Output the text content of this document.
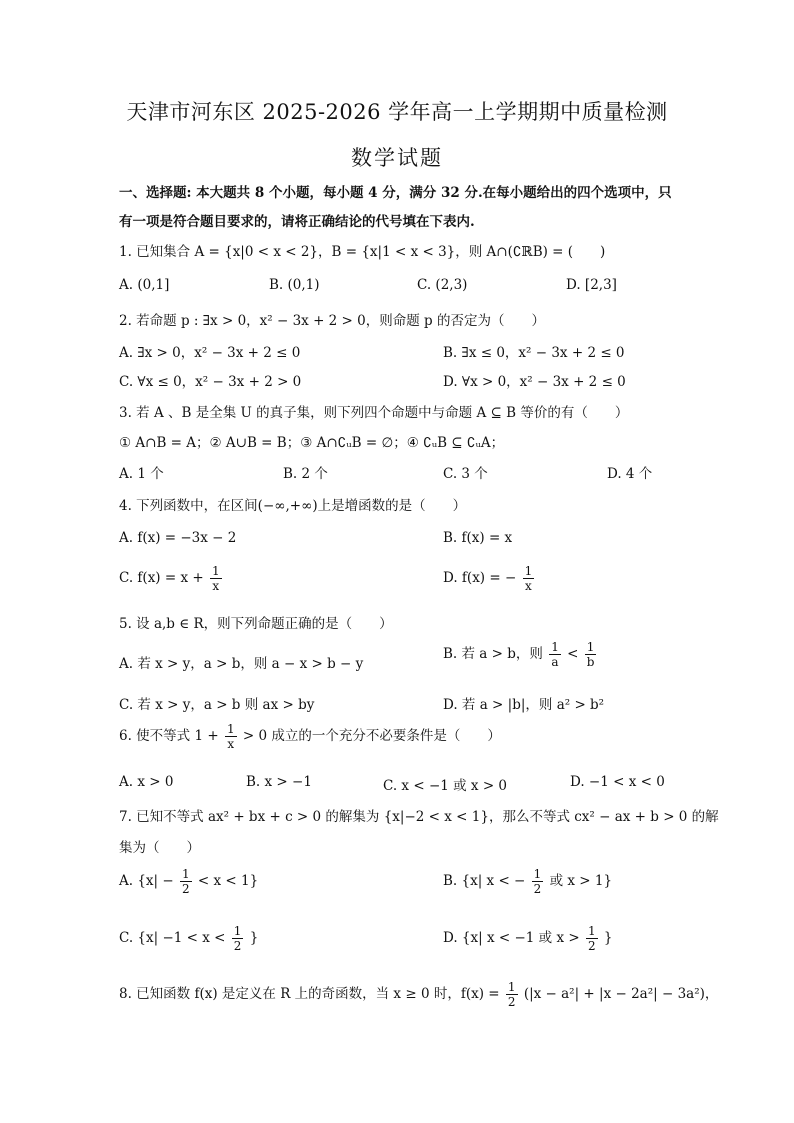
天津市河东区 2025-2026 学年高一上学期期中质量检测
数学试题
一、选择题: 本大题共 8 个小题，每小题 4 分，满分 32 分.在每小题给出的四个选项中，只
有一项是符合题目要求的，请将正确结论的代号填在下表内.
1. 已知集合 A = {x|0 < x < 2}，B = {x|1 < x < 3}，则 A∩(∁ℝB) = (　　)
A. (0,1]	B. (0,1)	C. (2,3)	D. [2,3]
2. 若命题 p : ∃x > 0，x² − 3x + 2 > 0，则命题 p 的否定为（　　）
A. ∃x > 0，x² − 3x + 2 ≤ 0	B. ∃x ≤ 0，x² − 3x + 2 ≤ 0
C. ∀x ≤ 0，x² − 3x + 2 > 0	D. ∀x > 0，x² − 3x + 2 ≤ 0
3. 若 A 、B 是全集 U 的真子集，则下列四个命题中与命题 A ⊆ B 等价的有（　　）
① A∩B = A；② A∪B = B；③ A∩∁ᵤB = ∅；④ ∁ᵤB ⊆ ∁ᵤA；
A. 1 个	B. 2 个	C. 3 个	D. 4 个
4. 下列函数中，在区间(−∞,+∞)上是增函数的是（　　）
A. f(x) = −3x − 2	B. f(x) = x
C. $f(x) = x + \frac{1}{x}$	D. f(x) = − $\frac{1}{x}$
5. 设 a,b ∈ R，则下列命题正确的是（　　）
A. 若 x > y，a > b，则 a − x > b − y
B. 若 a > b，则 $\frac{1}{a} < \frac{1}{b}$
C. 若 x > y，a > b 则 ax > by	D. 若 a > |b|，则 a² > b²
6. 使不等式 $1 + \frac{1}{x} > 0$ 成立的一个充分不必要条件是（　　）
A. x > 0	B. x > −1	C. x < −1 或 x > 0	D. −1 < x < 0
7. 已知不等式 ax² + bx + c > 0 的解集为 {x|−2 < x < 1}，那么不等式 cx² − ax + b > 0 的解
集为（　　）
A. $\{x| - \frac{1}{2} < x < 1\}$	B. {x| x < − $\frac{1}{2}$ 或 x > 1}
C. {$x| -1 < x < \frac{1}{2}$ }	D. {x| x < −1 或 $x > \frac{1}{2}$ }
8. 已知函数 f(x) 是定义在 R 上的奇函数，当 x ≥ 0 时，$f(x) = \frac{1}{2} (|x - a^2| + |x - 2a^2| - 3a^2)$，
